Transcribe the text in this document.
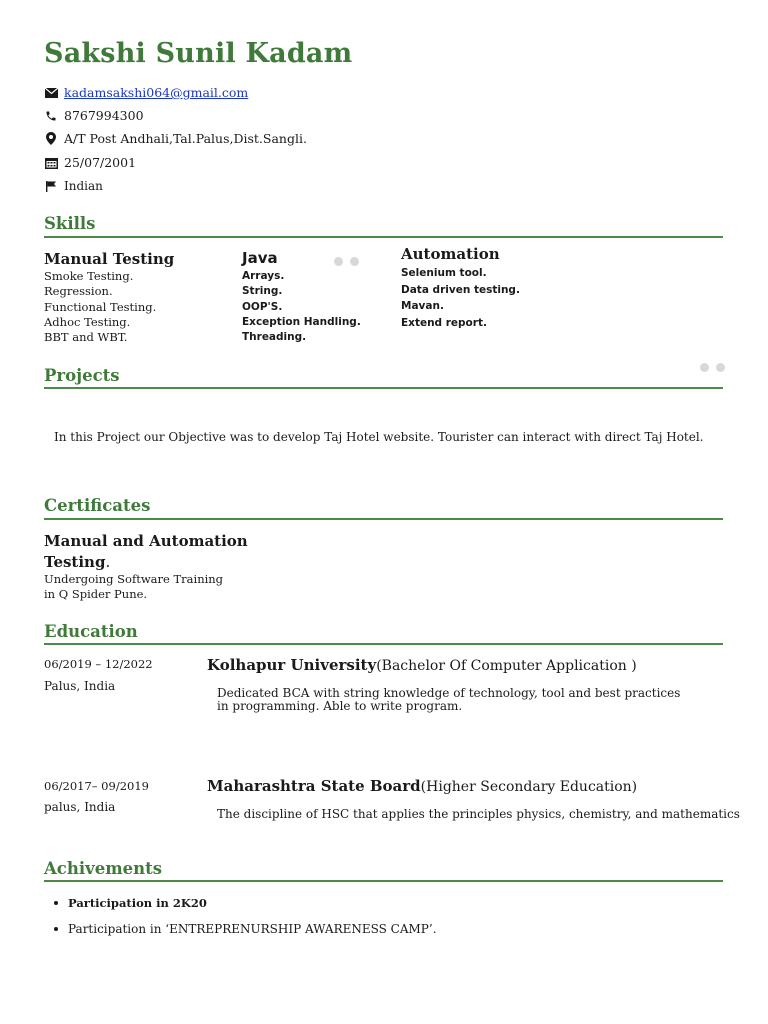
Sakshi Sunil Kadam
kadamsakshi064@gmail.com
8767994300
A/T Post Andhali,Tal.Palus,Dist.Sangli.
25/07/2001
Indian
Skills
Manual Testing
Smoke Testing.
Regression.
Functional Testing.
Adhoc Testing.
BBT and WBT.
Java
Arrays.
String.
OOP'S.
Exception Handling.
Threading.
Automation
Selenium tool.
Data driven testing.
Mavan.
Extend report.
Projects
In this Project our Objective was to develop Taj Hotel website. Tourister can interact with direct Taj Hotel.
Certificates
Manual and Automation
Testing.
Undergoing Software Training
in Q Spider Pune.
Education
06/2019 – 12/2022
Palus, India
Kolhapur University(Bachelor Of Computer Application )
Dedicated BCA with string knowledge of technology, tool and best practices in programming. Able to write program.
06/2017– 09/2019
palus, India
Maharashtra State Board(Higher Secondary Education)
The discipline of HSC that applies the principles physics, chemistry, and mathematics
Achivements
Participation in 2K20
Participation in ‘ENTREPRENURSHIP AWARENESS CAMP’.
